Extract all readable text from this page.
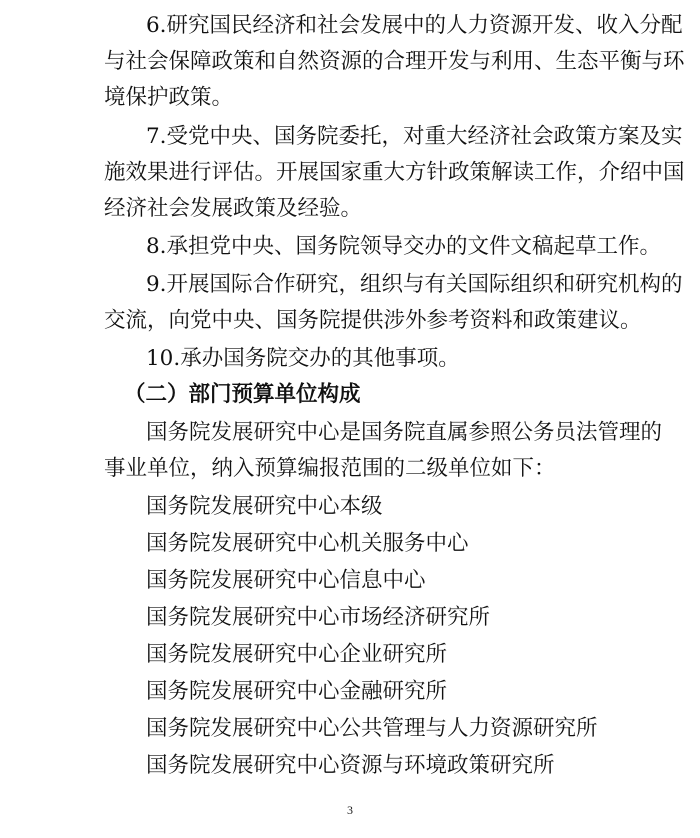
6.研究国民经济和社会发展中的人力资源开发、收入分配
与社会保障政策和自然资源的合理开发与利用、生态平衡与环
境保护政策。
7.受党中央、国务院委托，对重大经济社会政策方案及实
施效果进行评估。开展国家重大方针政策解读工作，介绍中国
经济社会发展政策及经验。
8.承担党中央、国务院领导交办的文件文稿起草工作。
9.开展国际合作研究，组织与有关国际组织和研究机构的
交流，向党中央、国务院提供涉外参考资料和政策建议。
10.承办国务院交办的其他事项。
（二）部门预算单位构成
国务院发展研究中心是国务院直属参照公务员法管理的
事业单位，纳入预算编报范围的二级单位如下：
国务院发展研究中心本级
国务院发展研究中心机关服务中心
国务院发展研究中心信息中心
国务院发展研究中心市场经济研究所
国务院发展研究中心企业研究所
国务院发展研究中心金融研究所
国务院发展研究中心公共管理与人力资源研究所
国务院发展研究中心资源与环境政策研究所
3
